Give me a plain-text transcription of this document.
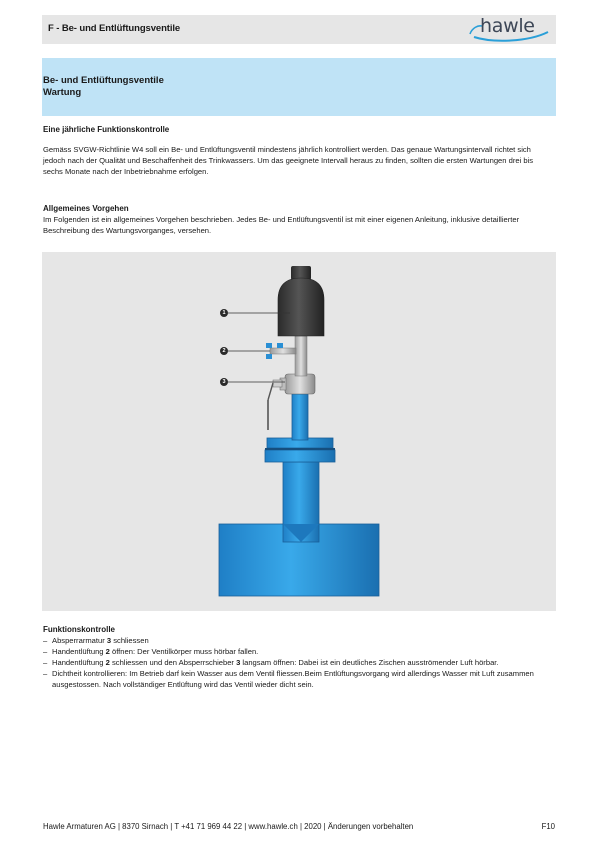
F - Be- und Entlüftungsventile	hawle
Be- und Entlüftungsventile
Wartung
Eine jährliche Funktionskontrolle
Gemäss SVGW-Richtlinie W4 soll ein Be- und Entlüftungsventil mindestens jährlich kontrolliert werden. Das genaue Wartungsintervall richtet sich jedoch nach der Qualität und Beschaffenheit des Trinkwassers. Um das geeignete Intervall heraus zu finden, sollten die ersten Wartungen drei bis sechs Monate nach der Inbetriebnahme erfolgen.
Allgemeines Vorgehen
Im Folgenden ist ein allgemeines Vorgehen beschrieben. Jedes Be- und Entlüftungsventil ist mit einer eigenen Anleitung, inklusive detaillierter Beschreibung des Wartungsvorganges, versehen.
1
2
3
Funktionskontrolle
– Absperrarmatur 3 schliessen
– Handentlüftung 2 öffnen: Der Ventilkörper muss hörbar fallen.
– Handentlüftung 2 schliessen und den Absperrschieber 3 langsam öffnen: Dabei ist ein deutliches Zischen ausströmender Luft hörbar.
– Dichtheit kontrollieren: Im Betrieb darf kein Wasser aus dem Ventil fliessen.Beim Entlüftungsvorgang wird allerdings Wasser mit Luft zusammen ausgestossen. Nach vollständiger Entlüftung wird das Ventil wieder dicht sein.
Hawle Armaturen AG | 8370 Sirnach | T +41 71 969 44 22 | www.hawle.ch | 2020 | Änderungen vorbehalten	F10
